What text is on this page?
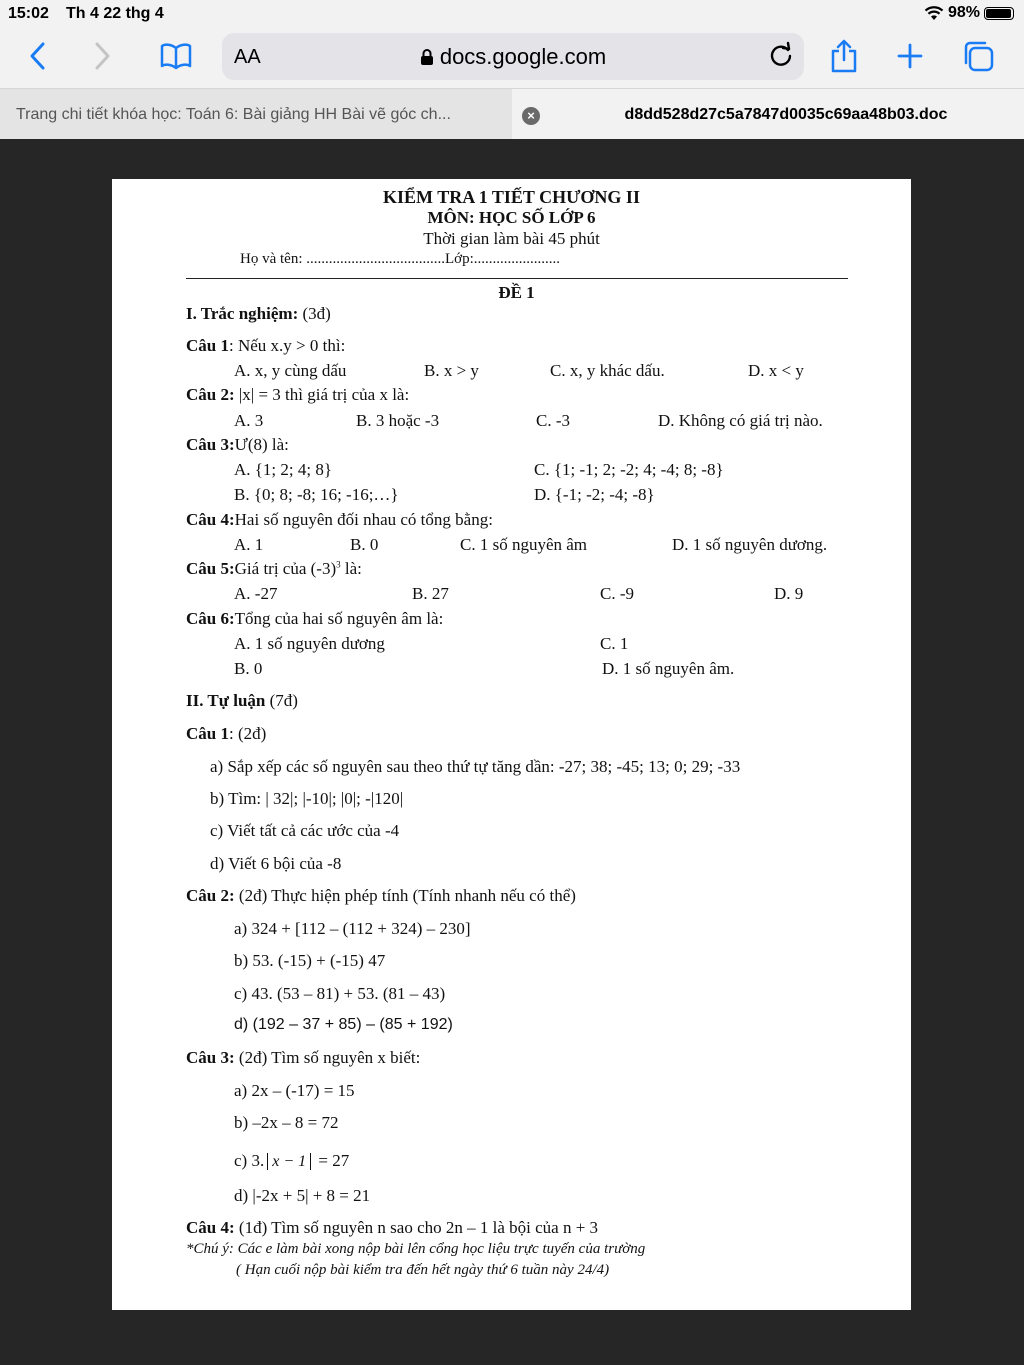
15:02 Th 4 22 thg 4	98%
AA	docs.google.com
Trang chi tiết khóa học: Toán 6: Bài giảng HH Bài vẽ góc ch...	×	d8dd528d27c5a7847d0035c69aa48b03.doc
KIỂM TRA 1 TIẾT CHƯƠNG II
MÔN: HỌC SỐ LỚP 6
Thời gian làm bài 45 phút
Họ và tên: .....................................Lớp:.......................
ĐỀ 1
I. Trắc nghiệm: (3đ)
Câu 1: Nếu x.y > 0 thì:
A. x, y cùng dấu	B. x > y	C. x, y khác dấu.	D. x < y
Câu 2: |x| = 3 thì giá trị của x là:
A. 3	B. 3 hoặc -3	C. -3	D. Không có giá trị nào.
Câu 3:Ư(8) là:
A. {1; 2; 4; 8}	C. {1; -1; 2; -2; 4; -4; 8; -8}
B. {0; 8; -8; 16; -16;…}	D. {-1; -2; -4; -8}
Câu 4:Hai số nguyên đối nhau có tổng bằng:
A. 1	B. 0	C. 1 số nguyên âm	D. 1 số nguyên dương.
Câu 5:Giá trị của $(-3)^3$ là:
A. -27	B. 27	C. -9	D. 9
Câu 6:Tổng của hai số nguyên âm là:
A. 1 số nguyên dương	C. 1
B. 0	D. 1 số nguyên âm.
II. Tự luận (7đ)
Câu 1: (2đ)
a) Sắp xếp các số nguyên sau theo thứ tự tăng dần: -27; 38; -45; 13; 0; 29; -33
b) Tìm: | 32|; |-10|; |0|; -|120|
c) Viết tất cả các ước của -4
d) Viết 6 bội của -8
Câu 2: (2đ) Thực hiện phép tính (Tính nhanh nếu có thể)
a) 324 + [112 – (112 + 324) – 230]
b) 53. (-15) + (-15) 47
c) 43. (53 – 81) + 53. (81 – 43)
d) (192 – 37 + 85) – (85 + 192)
Câu 3: (2đ) Tìm số nguyên x biết:
a) 2x – (-17) = 15
b) –2x – 8 = 72
c) 3. x − 1 = 27
d) |-2x + 5| + 8 = 21
Câu 4: (1đ) Tìm số nguyên n sao cho 2n – 1 là bội của n + 3
*Chú ý: Các e làm bài xong nộp bài lên cổng học liệu trực tuyến của trường
( Hạn cuối nộp bài kiểm tra đến hết ngày thứ 6 tuần này 24/4)
